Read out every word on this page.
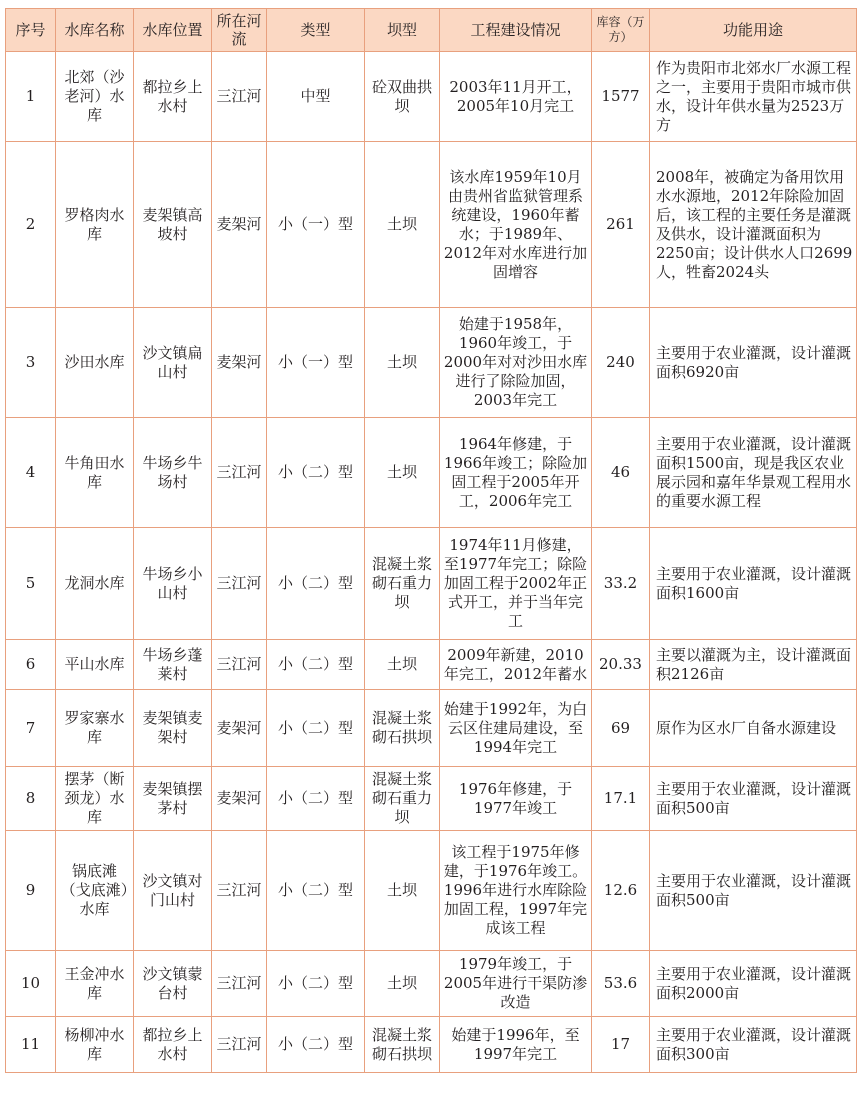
序号	水库名称	水库位置	所在河流	类型	坝型	工程建设情况	库容（万方）	功能用途
1	北郊（沙老河）水库	都拉乡上水村	三江河	中型	砼双曲拱坝	2003年11月开工，2005年10月完工	1577	作为贵阳市北郊水厂水源工程之一，主要用于贵阳市城市供水，设计年供水量为2523万方
2	罗格肉水库	麦架镇高坡村	麦架河	小（一）型	土坝	该水库1959年10月由贵州省监狱管理系统建设，1960年蓄水；于1989年、2012年对水库进行加固增容	261	2008年，被确定为备用饮用水水源地，2012年除险加固后，该工程的主要任务是灌溉及供水，设计灌溉面积为2250亩；设计供水人口2699人，牲畜2024头
3	沙田水库	沙文镇扁山村	麦架河	小（一）型	土坝	始建于1958年，1960年竣工，于2000年对对沙田水库进行了除险加固，2003年完工	240	主要用于农业灌溉，设计灌溉面积6920亩
4	牛角田水库	牛场乡牛场村	三江河	小（二）型	土坝	1964年修建，于1966年竣工；除险加固工程于2005年开工，2006年完工	46	主要用于农业灌溉，设计灌溉面积1500亩，现是我区农业展示园和嘉年华景观工程用水的重要水源工程
5	龙洞水库	牛场乡小山村	三江河	小（二）型	混凝土浆砌石重力坝	1974年11月修建，至1977年完工；除险加固工程于2002年正式开工，并于当年完工	33.2	主要用于农业灌溉，设计灌溉面积1600亩
6	平山水库	牛场乡蓬莱村	三江河	小（二）型	土坝	2009年新建，2010年完工，2012年蓄水	20.33	主要以灌溉为主，设计灌溉面积2126亩
7	罗家寨水库	麦架镇麦架村	麦架河	小（二）型	混凝土浆砌石拱坝	始建于1992年，为白云区住建局建设，至1994年完工	69	原作为区水厂自备水源建设
8	摆茅（断颈龙）水库	麦架镇摆茅村	麦架河	小（二）型	混凝土浆砌石重力坝	1976年修建，于1977年竣工	17.1	主要用于农业灌溉，设计灌溉面积500亩
9	锅底滩（戈底滩）水库	沙文镇对门山村	三江河	小（二）型	土坝	该工程于1975年修建，于1976年竣工。1996年进行水库除险加固工程，1997年完成该工程	12.6	主要用于农业灌溉，设计灌溉面积500亩
10	王金冲水库	沙文镇蒙台村	三江河	小（二）型	土坝	1979年竣工，于2005年进行干渠防渗改造	53.6	主要用于农业灌溉，设计灌溉面积2000亩
11	杨柳冲水库	都拉乡上水村	三江河	小（二）型	混凝土浆砌石拱坝	始建于1996年，至1997年完工	17	主要用于农业灌溉，设计灌溉面积300亩
